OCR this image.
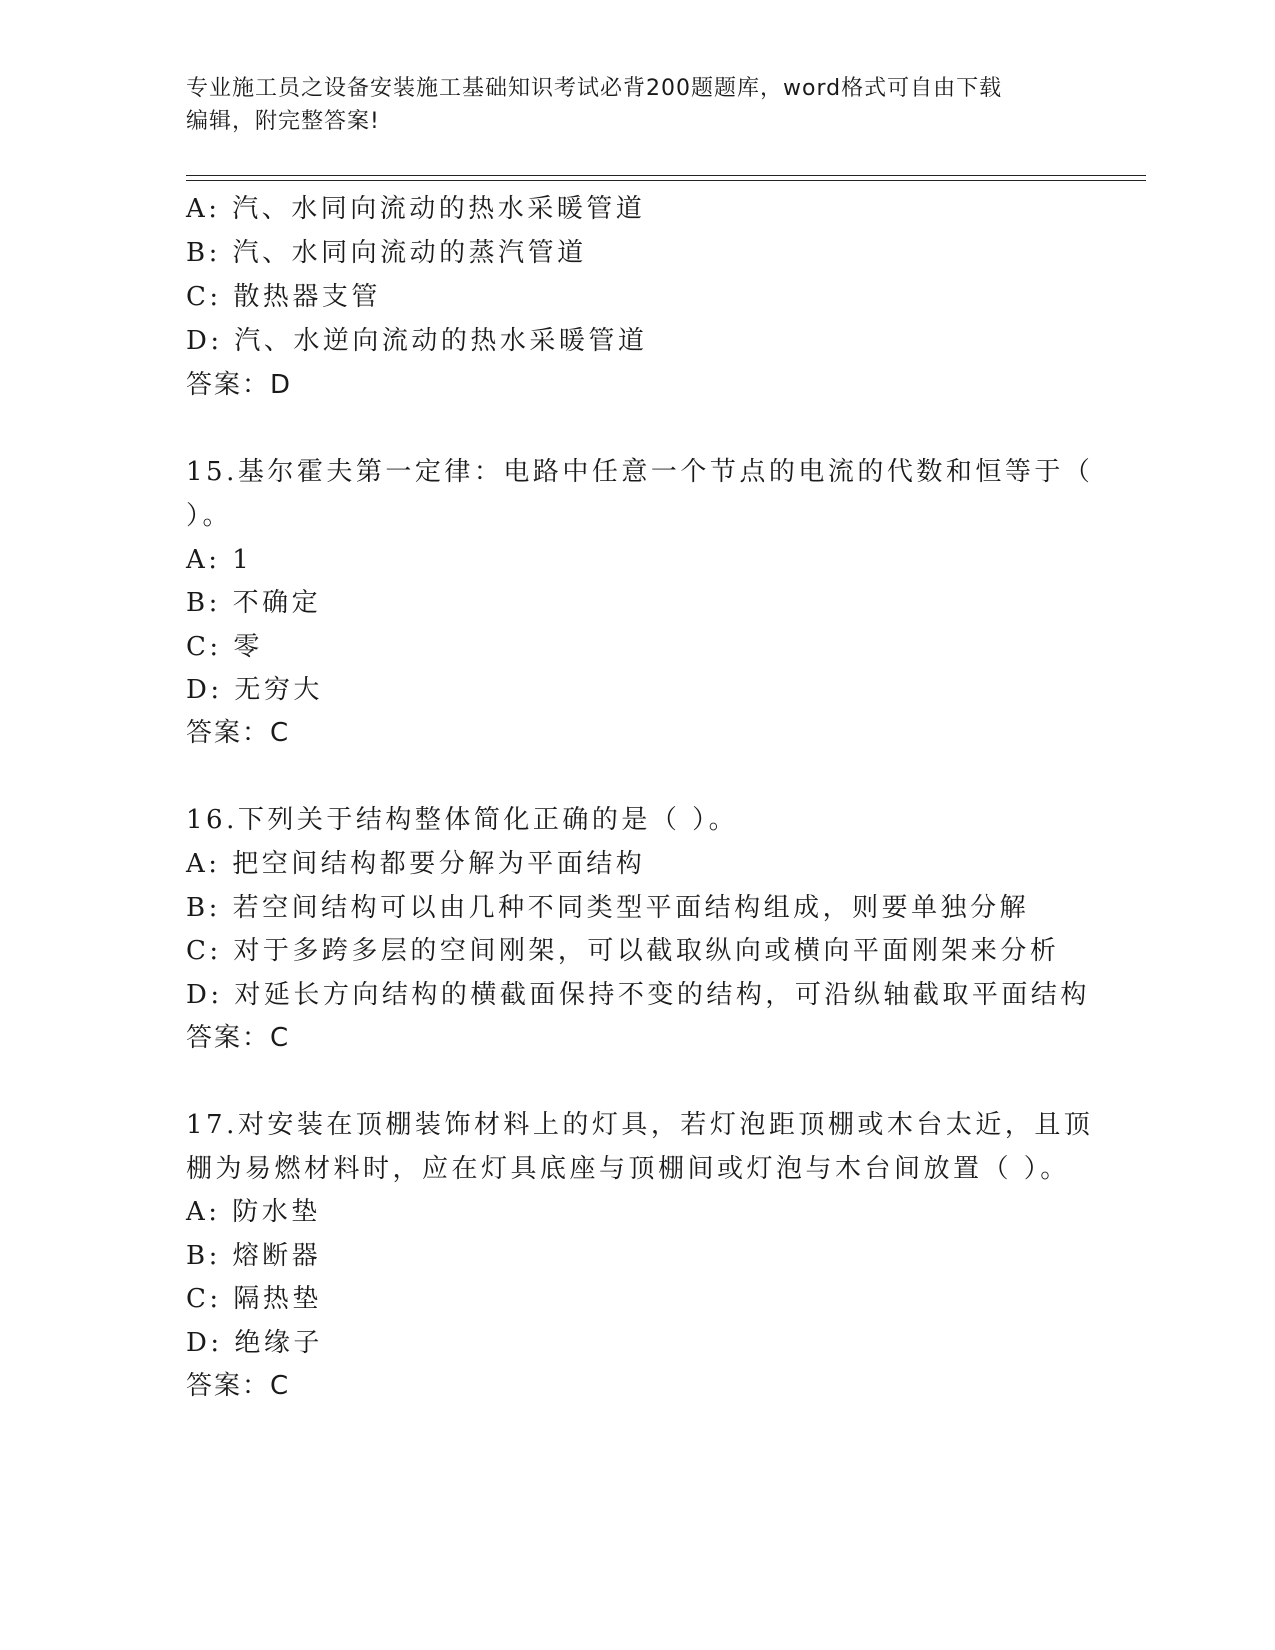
专业施工员之设备安装施工基础知识考试必背200题题库，word格式可自由下载
编辑，附完整答案!
A: 汽、水同向流动的热水采暖管道
B: 汽、水同向流动的蒸汽管道
C: 散热器支管
D: 汽、水逆向流动的热水采暖管道
答案：D
15.基尔霍夫第一定律：电路中任意一个节点的电流的代数和恒等于（
）。
A: 1
B: 不确定
C: 零
D: 无穷大
答案：C
16.下列关于结构整体简化正确的是（ ）。
A: 把空间结构都要分解为平面结构
B: 若空间结构可以由几种不同类型平面结构组成，则要单独分解
C: 对于多跨多层的空间刚架，可以截取纵向或横向平面刚架来分析
D: 对延长方向结构的横截面保持不变的结构，可沿纵轴截取平面结构
答案：C
17.对安装在顶棚装饰材料上的灯具，若灯泡距顶棚或木台太近，且顶
棚为易燃材料时，应在灯具底座与顶棚间或灯泡与木台间放置（ ）。
A: 防水垫
B: 熔断器
C: 隔热垫
D: 绝缘子
答案：C
